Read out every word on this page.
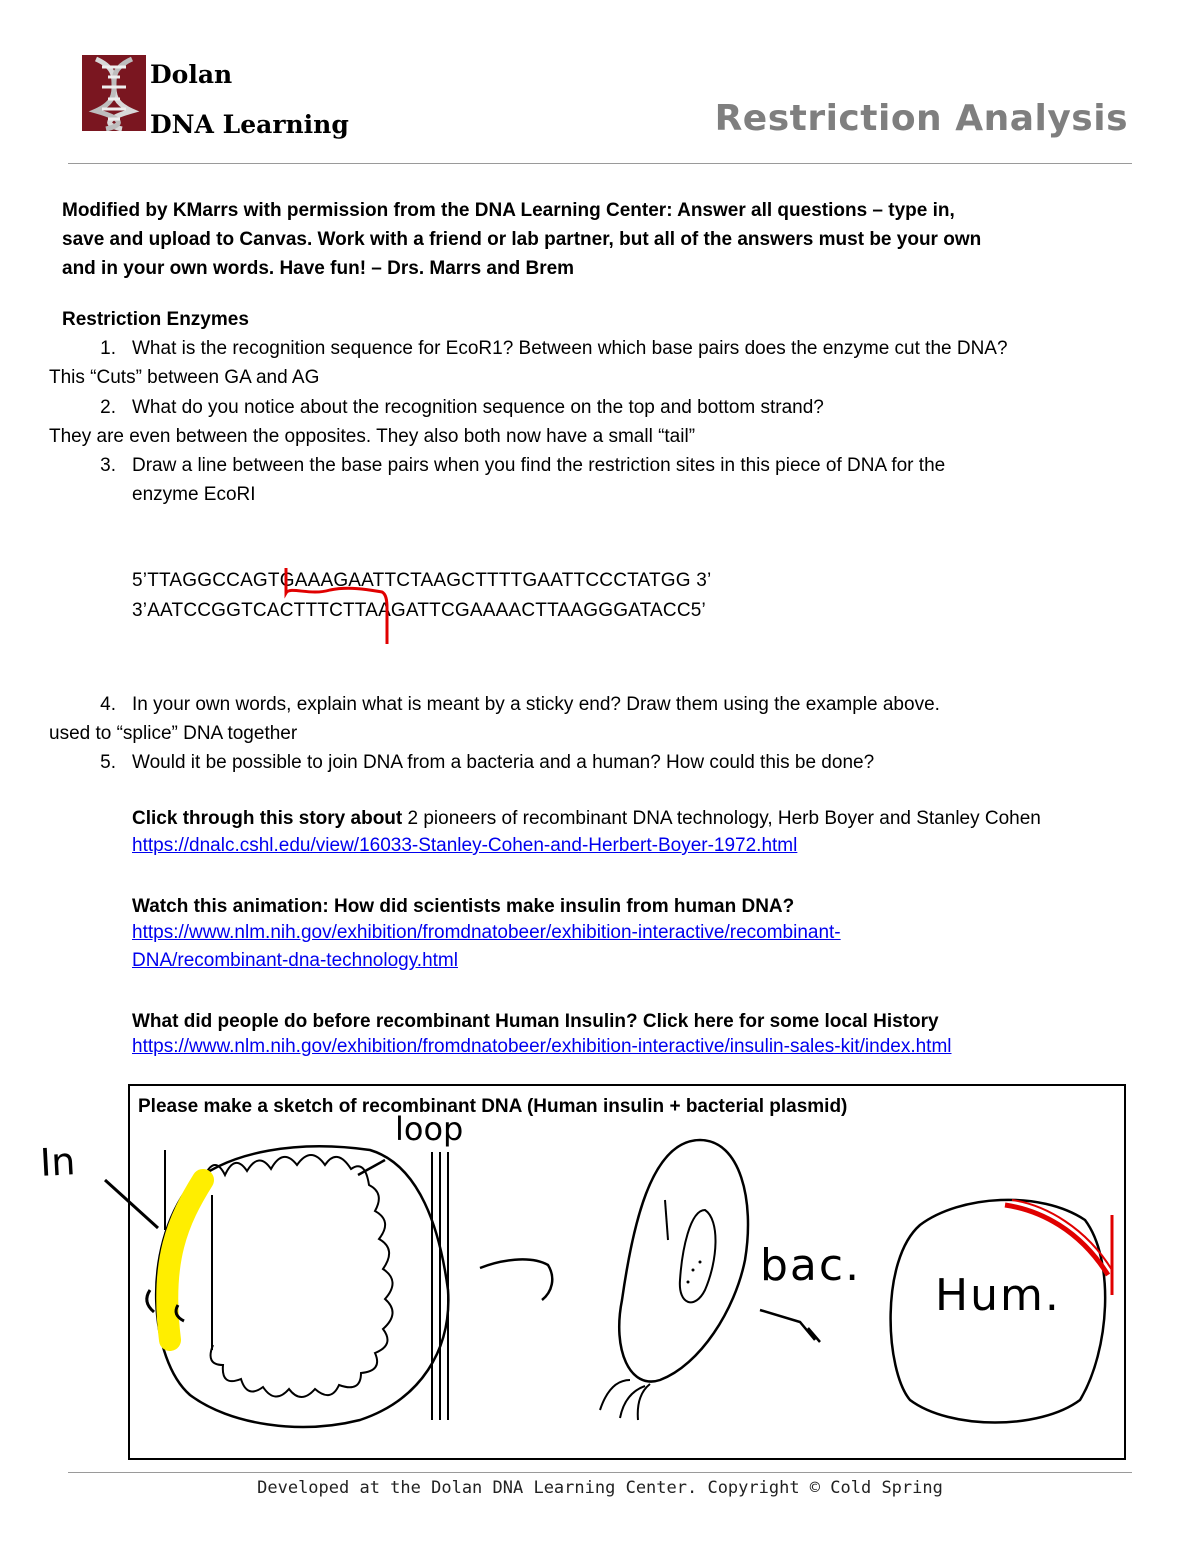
Dolan
DNA Learning	Restriction Analysis
Modified by KMarrs with permission from the DNA Learning Center: Answer all questions – type in,
save and upload to Canvas. Work with a friend or lab partner, but all of the answers must be your own
and in your own words. Have fun! – Drs. Marrs and Brem
Restriction Enzymes
1. What is the recognition sequence for EcoR1? Between which base pairs does the enzyme cut the DNA?
This “Cuts” between GA and AG
2. What do you notice about the recognition sequence on the top and bottom strand?
They are even between the opposites. They also both now have a small “tail”
3. Draw a line between the base pairs when you find the restriction sites in this piece of DNA for the
enzyme EcoRI
5’TTAGGCCAGTGAAAGAATTCTAAGCTTTTGAATTCCCTATGG 3’
3’AATCCGGTCACTTTCTTAAGATTCGAAAACTTAAGGGATACC5’
4. In your own words, explain what is meant by a sticky end? Draw them using the example above.
used to “splice” DNA together
5. Would it be possible to join DNA from a bacteria and a human? How could this be done?
Click through this story about 2 pioneers of recombinant DNA technology, Herb Boyer and Stanley Cohen
https://dnalc.cshl.edu/view/16033-Stanley-Cohen-and-Herbert-Boyer-1972.html
Watch this animation: How did scientists make insulin from human DNA?
https://www.nlm.nih.gov/exhibition/fromdnatobeer/exhibition-interactive/recombinant-
DNA/recombinant-dna-technology.html
What did people do before recombinant Human Insulin? Click here for some local History
https://www.nlm.nih.gov/exhibition/fromdnatobeer/exhibition-interactive/insulin-sales-kit/index.html
Please make a sketch of recombinant DNA (Human insulin + bacterial plasmid)
In
loop
bac.
Hum.
Developed at the Dolan DNA Learning Center. Copyright © Cold Spring
